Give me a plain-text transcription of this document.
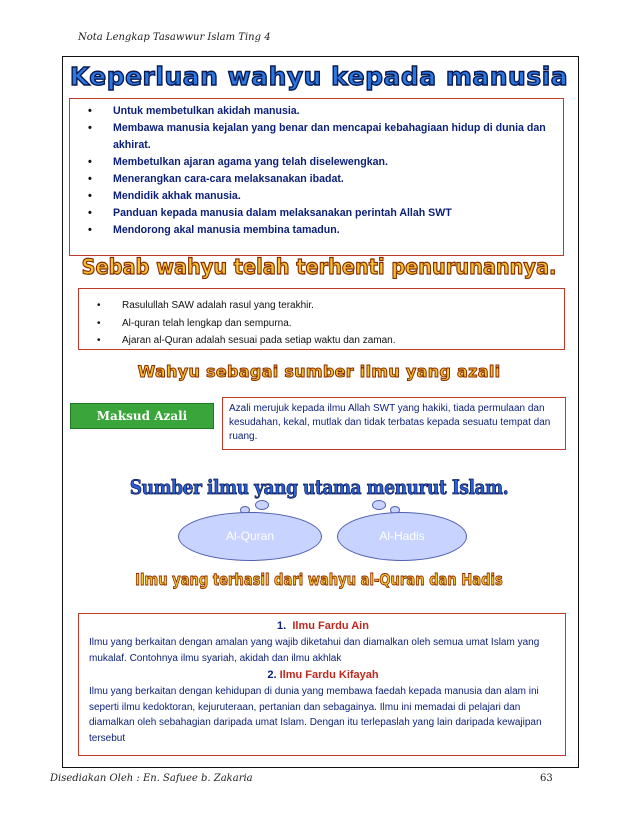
Nota Lengkap Tasawwur Islam Ting 4
Keperluan wahyu kepada manusia
• Untuk membetulkan akidah manusia.
• Membawa manusia kejalan yang benar dan mencapai kebahagiaan hidup di dunia dan akhirat.
• Membetulkan ajaran agama yang telah diselewengkan.
• Menerangkan cara-cara melaksanakan ibadat.
• Mendidik akhak manusia.
• Panduan kepada manusia dalam melaksanakan perintah Allah SWT
• Mendorong akal manusia membina tamadun.
Sebab wahyu telah terhenti penurunannya.
• Rasulullah SAW adalah rasul yang terakhir.
• Al-quran telah lengkap dan sempurna.
• Ajaran al-Quran adalah sesuai pada setiap waktu dan zaman.
Wahyu sebagai sumber ilmu yang azali
Maksud Azali
Azali merujuk kepada ilmu Allah SWT yang hakiki, tiada permulaan dan kesudahan, kekal, mutlak dan tidak terbatas kepada sesuatu tempat dan ruang.
Sumber ilmu yang utama menurut Islam.
Al-Quran	Al-Hadis
Ilmu yang terhasil dari wahyu al-Quran dan Hadis
1. Ilmu Fardu Ain
Ilmu yang berkaitan dengan amalan yang wajib diketahui dan diamalkan oleh semua umat Islam yang mukalaf. Contohnya ilmu syariah, akidah dan ilmu akhlak
2. Ilmu Fardu Kifayah
Ilmu yang berkaitan dengan kehidupan di dunia yang membawa faedah kepada manusia dan alam ini seperti ilmu kedoktoran, kejuruteraan, pertanian dan sebagainya. Ilmu ini memadai di pelajari dan diamalkan oleh sebahagian daripada umat Islam. Dengan itu terlepaslah yang lain daripada kewajipan tersebut
Disediakan Oleh : En. Safuee b. Zakaria	63
